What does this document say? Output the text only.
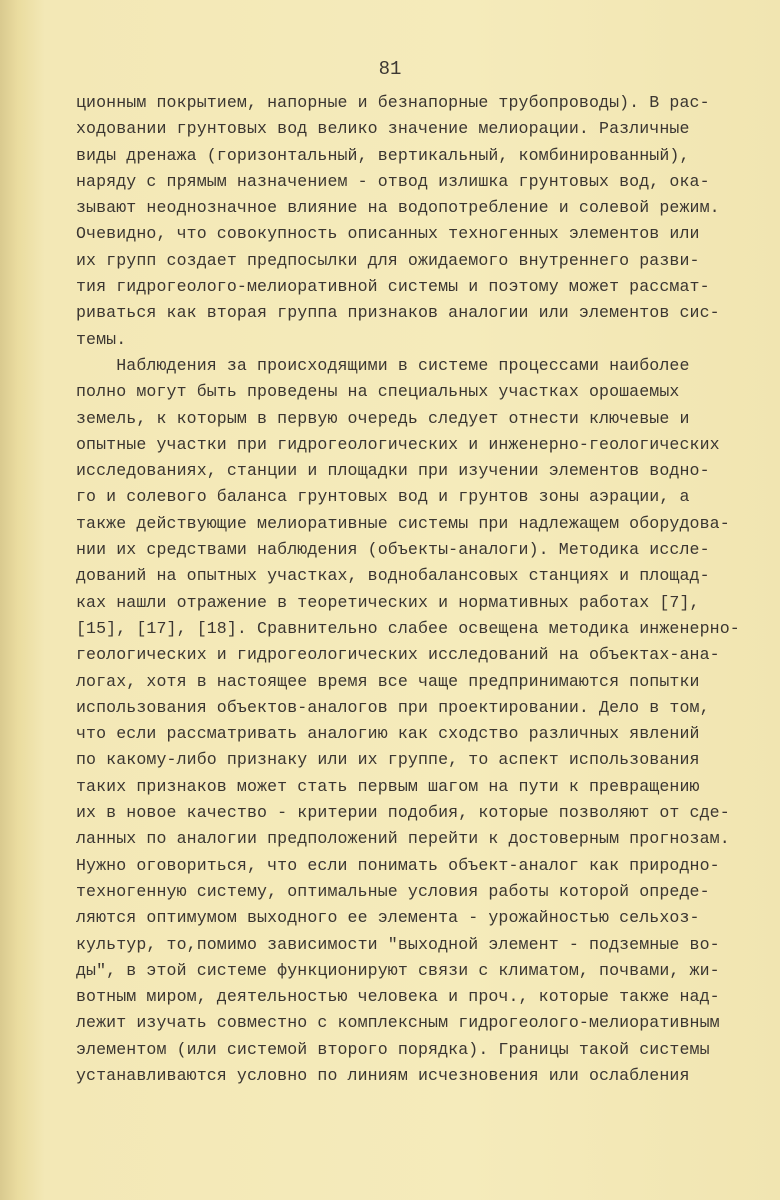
81
ционным покрытием, напорные и безнапорные трубопроводы). В рас-
ходовании грунтовых вод велико значение мелиорации. Различные
виды дренажа (горизонтальный, вертикальный, комбинированный),
наряду с прямым назначением - отвод излишка грунтовых вод, ока-
зывают неоднозначное влияние на водопотребление и солевой режим.
Очевидно, что совокупность описанных техногенных элементов или
их групп создает предпосылки для ожидаемого внутреннего разви-
тия гидрогеолого-мелиоративной системы и поэтому может рассмат-
риваться как вторая группа признаков аналогии или элементов сис-
темы.
Наблюдения за происходящими в системе процессами наиболее
полно могут быть проведены на специальных участках орошаемых
земель, к которым в первую очередь следует отнести ключевые и
опытные участки при гидрогеологических и инженерно-геологических
исследованиях, станции и площадки при изучении элементов водно-
го и солевого баланса грунтовых вод и грунтов зоны аэрации, а
также действующие мелиоративные системы при надлежащем оборудова-
нии их средствами наблюдения (объекты-аналоги). Методика иссле-
дований на опытных участках, воднобалансовых станциях и площад-
ках нашли отражение в теоретических и нормативных работах [7],
[15], [17], [18]. Сравнительно слабее освещена методика инженерно-
геологических и гидрогеологических исследований на объектах-ана-
логах, хотя в настоящее время все чаще предпринимаются попытки
использования объектов-аналогов при проектировании. Дело в том,
что если рассматривать аналогию как сходство различных явлений
по какому-либо признаку или их группе, то аспект использования
таких признаков может стать первым шагом на пути к превращению
их в новое качество - критерии подобия, которые позволяют от сде-
ланных по аналогии предположений перейти к достоверным прогнозам.
Нужно оговориться, что если понимать объект-аналог как природно-
техногенную систему, оптимальные условия работы которой опреде-
ляются оптимумом выходного ее элемента - урожайностью сельхоз-
культур, то,помимо зависимости "выходной элемент - подземные во-
ды", в этой системе функционируют связи с климатом, почвами, жи-
вотным миром, деятельностью человека и проч., которые также над-
лежит изучать совместно с комплексным гидрогеолого-мелиоративным
элементом (или системой второго порядка). Границы такой системы
устанавливаются условно по линиям исчезновения или ослабления
